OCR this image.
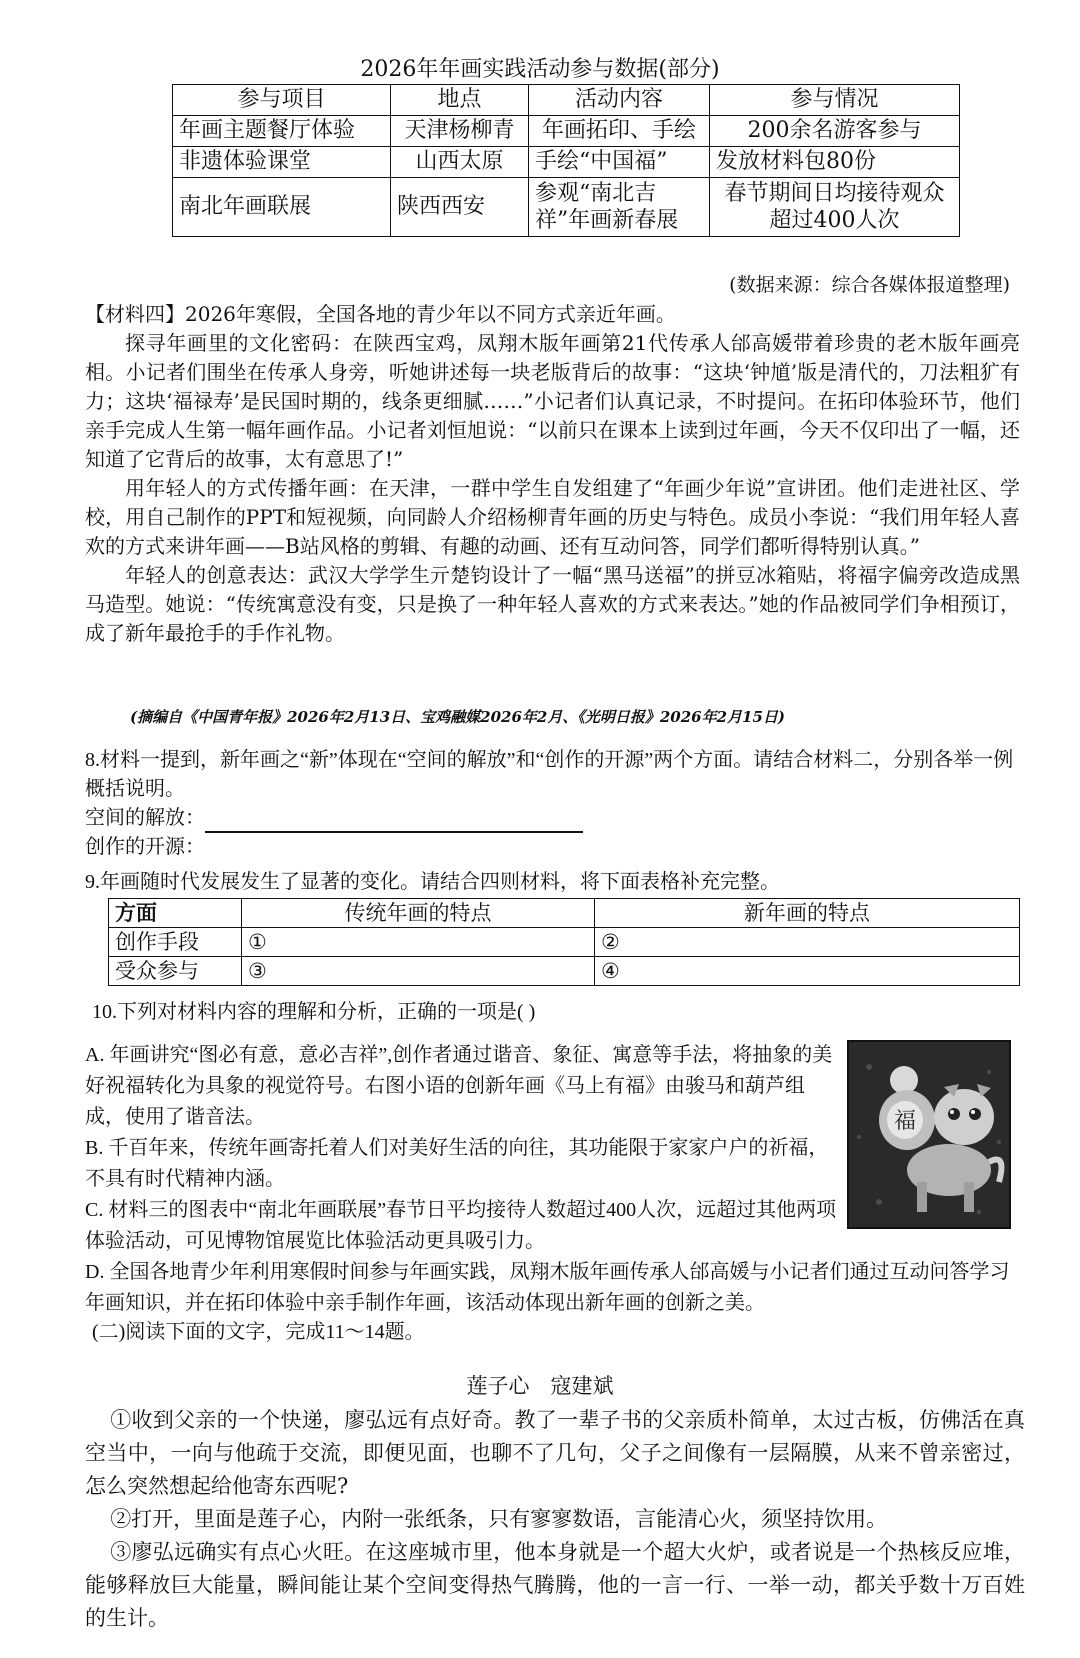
2026年年画实践活动参与数据(部分)
参与项目	地点	活动内容	参与情况
年画主题餐厅体验	天津杨柳青	年画拓印、手绘	200余名游客参与
非遗体验课堂	山西太原	手绘“中国福”	发放材料包80份
南北年画联展	陕西西安	参观“南北吉祥”年画新春展	春节期间日均接待观众超过400人次
(数据来源：综合各媒体报道整理)

【材料四】2026年寒假，全国各地的青少年以不同方式亲近年画。

探寻年画里的文化密码：在陕西宝鸡，凤翔木版年画第21代传承人邰高媛带着珍贵的老木版年画亮相。小记者们围坐在传承人身旁，听她讲述每一块老版背后的故事：“这块‘钟馗’版是清代的，刀法粗犷有力；这块‘福禄寿’是民国时期的，线条更细腻……”小记者们认真记录，不时提问。在拓印体验环节，他们亲手完成人生第一幅年画作品。小记者刘恒旭说：“以前只在课本上读到过年画，今天不仅印出了一幅，还知道了它背后的故事，太有意思了!”

用年轻人的方式传播年画：在天津，一群中学生自发组建了“年画少年说”宣讲团。他们走进社区、学校，用自己制作的PPT和短视频，向同龄人介绍杨柳青年画的历史与特色。成员小李说：“我们用年轻人喜欢的方式来讲年画——B站风格的剪辑、有趣的动画、还有互动问答，同学们都听得特别认真。”

年轻人的创意表达：武汉大学学生亓楚钧设计了一幅“黑马送福”的拼豆冰箱贴，将福字偏旁改造成黑马造型。她说：“传统寓意没有变，只是换了一种年轻人喜欢的方式来表达。”她的作品被同学们争相预订，成了新年最抢手的手作礼物。

(摘编自《中国青年报》2026年2月13日、宝鸡融媒2026年2月、《光明日报》2026年2月15日)

8.材料一提到，新年画之“新”体现在“空间的解放”和“创作的开源”两个方面。请结合材料二，分别各举一例概括说明。

空间的解放：

创作的开源：

9.年画随时代发展发生了显著的变化。请结合四则材料，将下面表格补充完整。
方面	传统年画的特点	新年画的特点
创作手段	①	②
受众参与	③	④
10.下列对材料内容的理解和分析，正确的一项是( )

A. 年画讲究“图必有意，意必吉祥”,创作者通过谐音、象征、寓意等手法，将抽象的美好祝福转化为具象的视觉符号。右图小语的创新年画《马上有福》由骏马和葫芦组成，使用了谐音法。

B. 千百年来，传统年画寄托着人们对美好生活的向往，其功能限于家家户户的祈福，不具有时代精神内涵。

C. 材料三的图表中“南北年画联展”春节日平均接待人数超过400人次，远超过其他两项体验活动，可见博物馆展览比体验活动更具吸引力。

D. 全国各地青少年利用寒假时间参与年画实践，凤翔木版年画传承人邰高媛与小记者们通过互动问答学习年画知识，并在拓印体验中亲手制作年画，该活动体现出新年画的创新之美。
福
(二)阅读下面的文字，完成11～14题。
莲子心　寇建斌

①收到父亲的一个快递，廖弘远有点好奇。教了一辈子书的父亲质朴简单，太过古板，仿佛活在真空当中，一向与他疏于交流，即便见面，也聊不了几句，父子之间像有一层隔膜，从来不曾亲密过，怎么突然想起给他寄东西呢?

②打开，里面是莲子心，内附一张纸条，只有寥寥数语，言能清心火，须坚持饮用。

③廖弘远确实有点心火旺。在这座城市里，他本身就是一个超大火炉，或者说是一个热核反应堆，能够释放巨大能量，瞬间能让某个空间变得热气腾腾，他的一言一行、一举一动，都关乎数十万百姓的生计。
